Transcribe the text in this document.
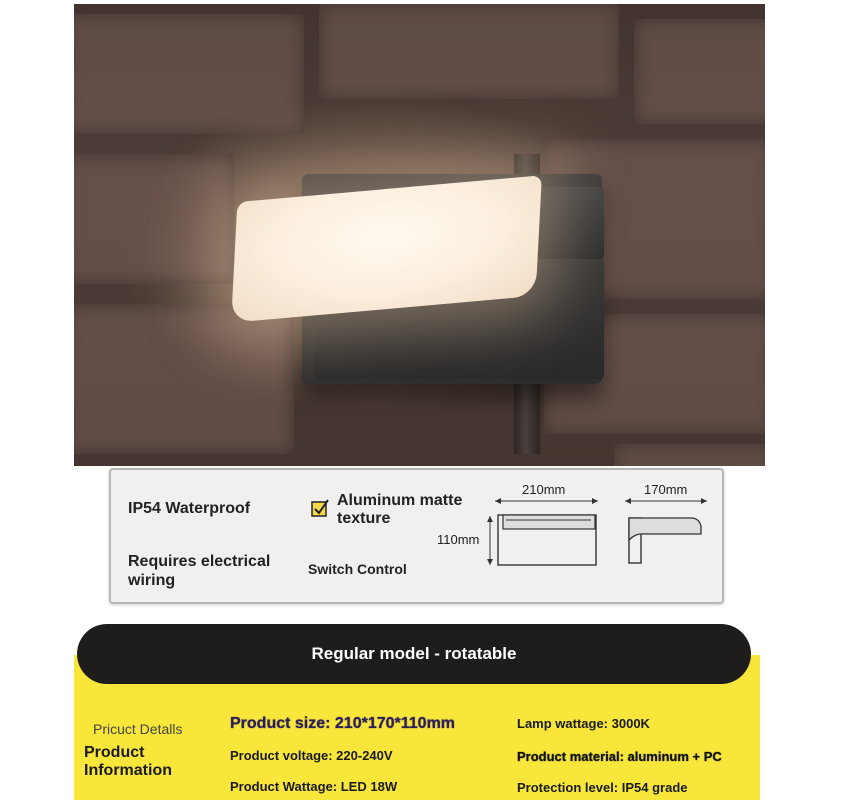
IP54 Waterproof
Requires electrical wiring
Switch Control
Aluminum matte texture
210mm	170mm
110mm
Regular model - rotatable
Pricuct Detalls
Product Information
Product size: 210*170*110mm
Product voltage: 220-240V
Product Wattage: LED 18W
Lamp wattage: 3000K
Product material: aluminum + PC
Protection level: IP54 grade
